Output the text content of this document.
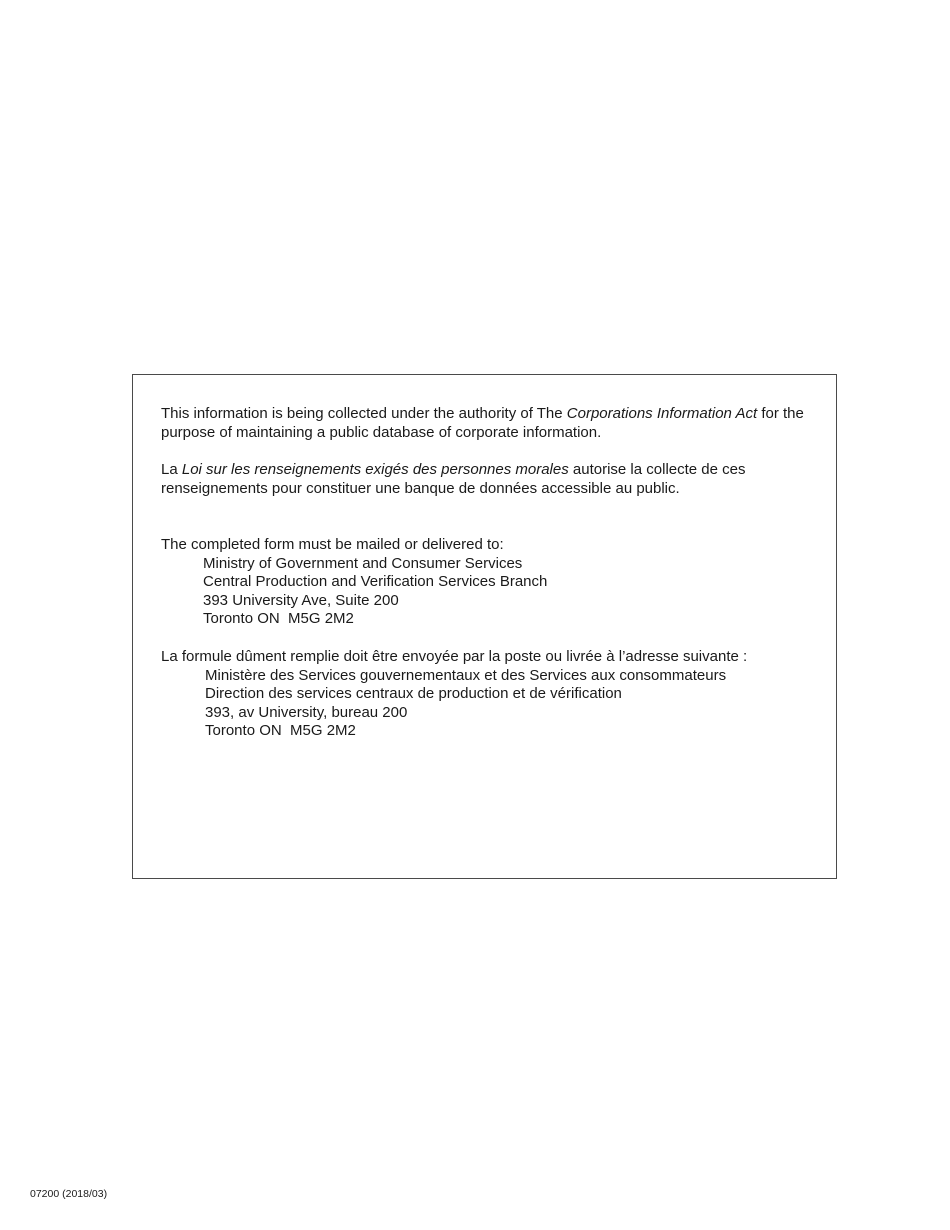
This information is being collected under the authority of The Corporations Information Act for the purpose of maintaining a public database of corporate information.

La Loi sur les renseignements exigés des personnes morales autorise la collecte de ces renseignements pour constituer une banque de données accessible au public.

The completed form must be mailed or delivered to:
Ministry of Government and Consumer Services
Central Production and Verification Services Branch
393 University Ave, Suite 200
Toronto ON  M5G 2M2
La formule dûment remplie doit être envoyée par la poste ou livrée à l’adresse suivante :
Ministère des Services gouvernementaux et des Services aux consommateurs
Direction des services centraux de production et de vérification
393, av University, bureau 200
Toronto ON  M5G 2M2
07200 (2018/03)
